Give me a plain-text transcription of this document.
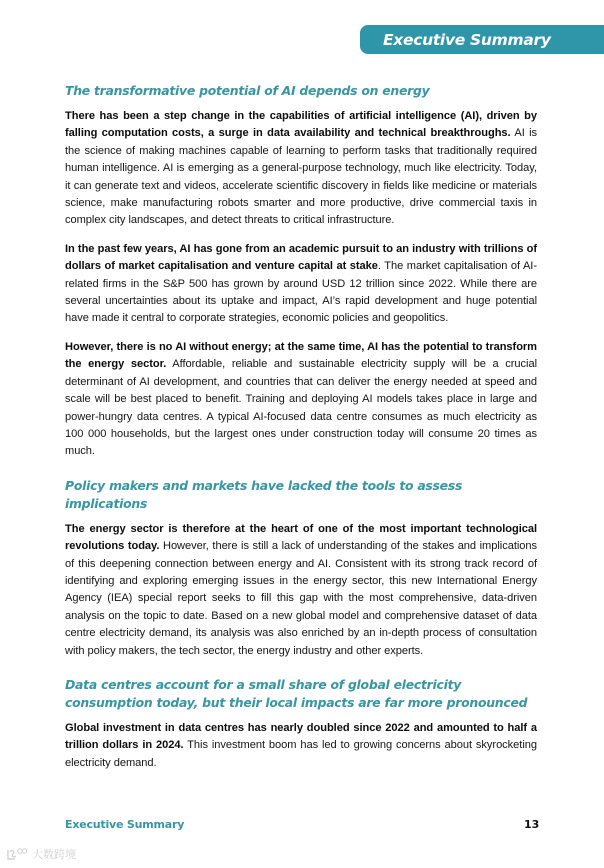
Executive Summary
The transformative potential of AI depends on energy

There has been a step change in the capabilities of artificial intelligence (AI), driven by falling computation costs, a surge in data availability and technical breakthroughs. AI is the science of making machines capable of learning to perform tasks that traditionally required human intelligence. AI is emerging as a general-purpose technology, much like electricity. Today, it can generate text and videos, accelerate scientific discovery in fields like medicine or materials science, make manufacturing robots smarter and more productive, drive commercial taxis in complex city landscapes, and detect threats to critical infrastructure.

In the past few years, AI has gone from an academic pursuit to an industry with trillions of dollars of market capitalisation and venture capital at stake. The market capitalisation of AI-related firms in the S&P 500 has grown by around USD 12 trillion since 2022. While there are several uncertainties about its uptake and impact, AI’s rapid development and huge potential have made it central to corporate strategies, economic policies and geopolitics.

However, there is no AI without energy; at the same time, AI has the potential to transform the energy sector. Affordable, reliable and sustainable electricity supply will be a crucial determinant of AI development, and countries that can deliver the energy needed at speed and scale will be best placed to benefit. Training and deploying AI models takes place in large and power-hungry data centres. A typical AI-focused data centre consumes as much electricity as 100 000 households, but the largest ones under construction today will consume 20 times as much.

Policy makers and markets have lacked the tools to assess implications

The energy sector is therefore at the heart of one of the most important technological revolutions today. However, there is still a lack of understanding of the stakes and implications of this deepening connection between energy and AI. Consistent with its strong track record of identifying and exploring emerging issues in the energy sector, this new International Energy Agency (IEA) special report seeks to fill this gap with the most comprehensive, data-driven analysis on the topic to date. Based on a new global model and comprehensive dataset of data centre electricity demand, its analysis was also enriched by an in-depth process of consultation with policy makers, the tech sector, the energy industry and other experts.

Data centres account for a small share of global electricity consumption today, but their local impacts are far more pronounced

Global investment in data centres has nearly doubled since 2022 and amounted to half a trillion dollars in 2024. This investment boom has led to growing concerns about skyrocketing electricity demand.

Executive Summary	13
大数跨境
